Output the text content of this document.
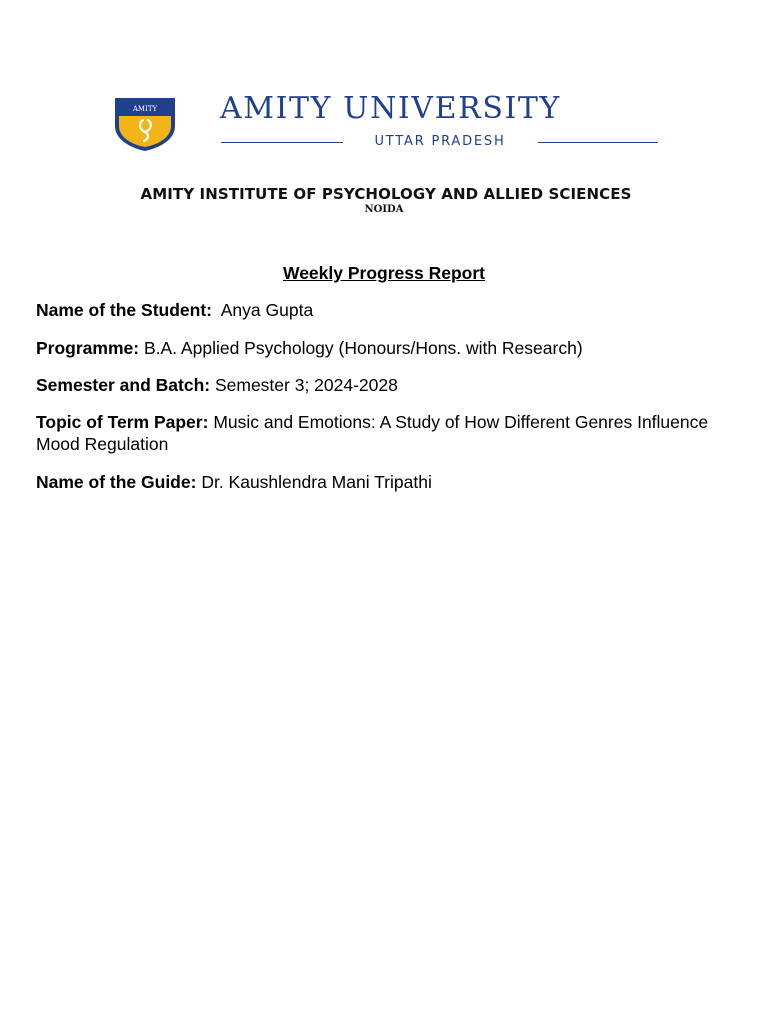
AMITY AMITY UNIVERSITY
UTTAR PRADESH
AMITY INSTITUTE OF PSYCHOLOGY AND ALLIED SCIENCES
NOIDA
Weekly Progress Report
Name of the Student: Anya Gupta
Programme: B.A. Applied Psychology (Honours/Hons. with Research)
Semester and Batch: Semester 3; 2024-2028
Topic of Term Paper: Music and Emotions: A Study of How Different Genres Influence Mood Regulation
Name of the Guide: Dr. Kaushlendra Mani Tripathi
